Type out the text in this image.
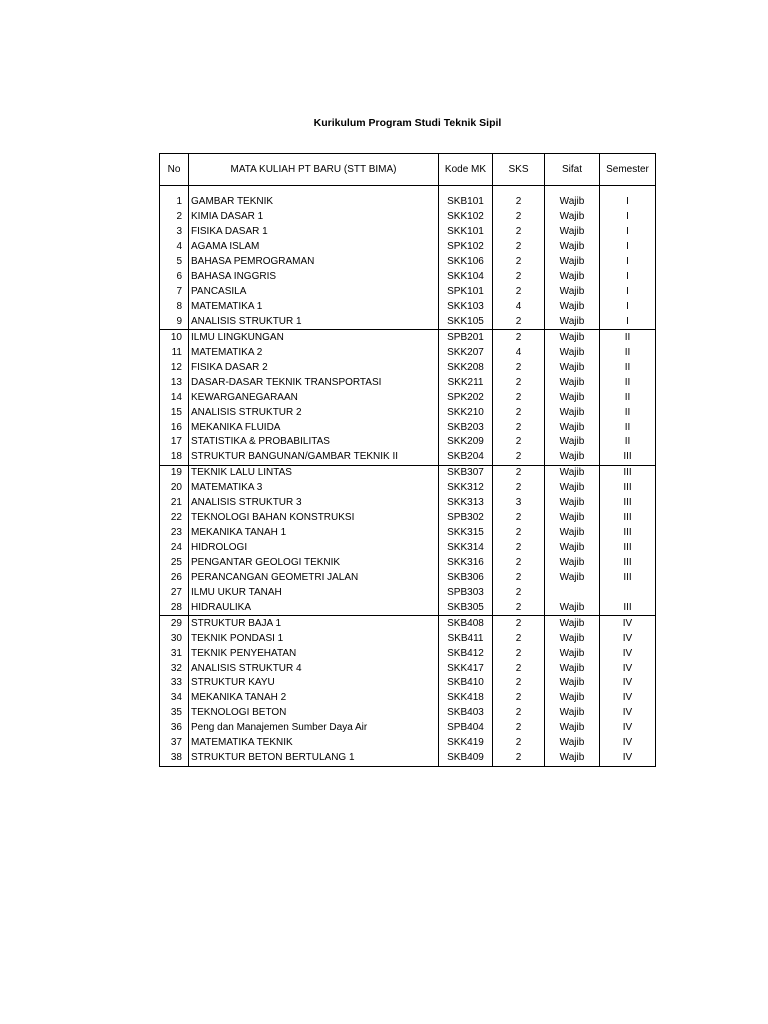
Kurikulum Program Studi Teknik Sipil
No	MATA KULIAH PT BARU (STT BIMA)	Kode MK	SKS	Sifat	Semester

1	GAMBAR TEKNIK	SKB101	2	Wajib	I
2	KIMIA DASAR 1	SKK102	2	Wajib	I
3	FISIKA DASAR 1	SKK101	2	Wajib	I
4	AGAMA ISLAM	SPK102	2	Wajib	I
5	BAHASA PEMROGRAMAN	SKK106	2	Wajib	I
6	BAHASA INGGRIS	SKK104	2	Wajib	I
7	PANCASILA	SPK101	2	Wajib	I
8	MATEMATIKA 1	SKK103	4	Wajib	I
9	ANALISIS STRUKTUR 1	SKK105	2	Wajib	I
10	ILMU LINGKUNGAN	SPB201	2	Wajib	II
11	MATEMATIKA 2	SKK207	4	Wajib	II
12	FISIKA DASAR 2	SKK208	2	Wajib	II
13	DASAR-DASAR TEKNIK TRANSPORTASI	SKK211	2	Wajib	II
14	KEWARGANEGARAAN	SPK202	2	Wajib	II
15	ANALISIS STRUKTUR 2	SKK210	2	Wajib	II
16	MEKANIKA FLUIDA	SKB203	2	Wajib	II
17	STATISTIKA & PROBABILITAS	SKK209	2	Wajib	II
18	STRUKTUR BANGUNAN/GAMBAR TEKNIK II	SKB204	2	Wajib	III
19	TEKNIK LALU LINTAS	SKB307	2	Wajib	III
20	MATEMATIKA 3	SKK312	2	Wajib	III
21	ANALISIS STRUKTUR 3	SKK313	3	Wajib	III
22	TEKNOLOGI BAHAN KONSTRUKSI	SPB302	2	Wajib	III
23	MEKANIKA TANAH 1	SKK315	2	Wajib	III
24	HIDROLOGI	SKK314	2	Wajib	III
25	PENGANTAR GEOLOGI TEKNIK	SKK316	2	Wajib	III
26	PERANCANGAN GEOMETRI JALAN	SKB306	2	Wajib	III
27	ILMU UKUR TANAH	SPB303	2		
28	HIDRAULIKA	SKB305	2	Wajib	III
29	STRUKTUR BAJA 1	SKB408	2	Wajib	IV
30	TEKNIK PONDASI 1	SKB411	2	Wajib	IV
31	TEKNIK PENYEHATAN	SKB412	2	Wajib	IV
32	ANALISIS STRUKTUR 4	SKK417	2	Wajib	IV
33	STRUKTUR KAYU	SKB410	2	Wajib	IV
34	MEKANIKA TANAH 2	SKK418	2	Wajib	IV
35	TEKNOLOGI BETON	SKB403	2	Wajib	IV
36	Peng dan Manajemen Sumber Daya Air	SPB404	2	Wajib	IV
37	MATEMATIKA TEKNIK	SKK419	2	Wajib	IV
38	STRUKTUR BETON BERTULANG 1	SKB409	2	Wajib	IV
